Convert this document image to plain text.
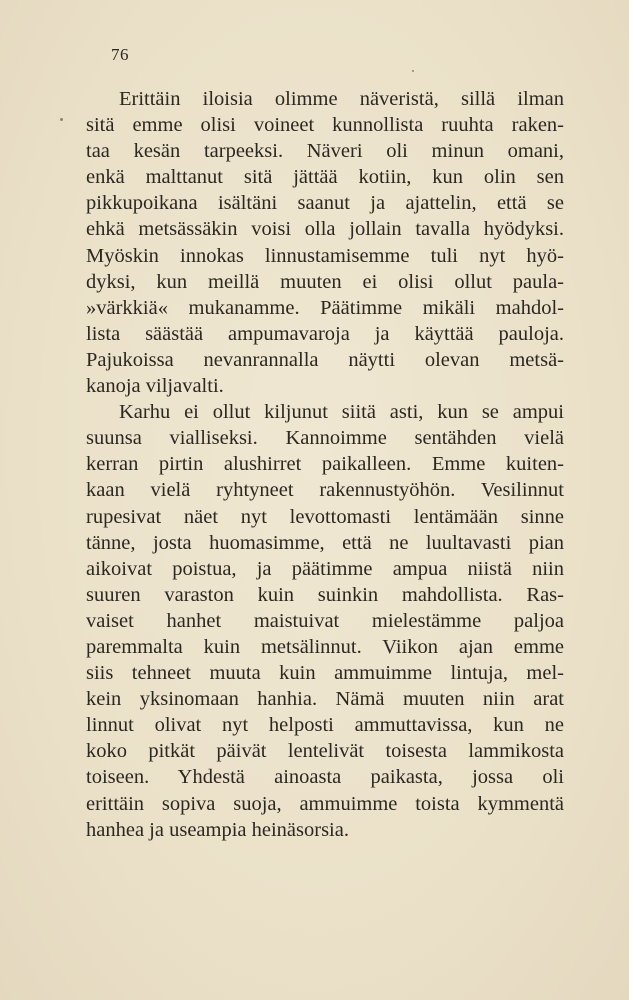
76
Erittäin iloisia olimme näveristä, sillä ilman
sitä emme olisi voineet kunnollista ruuhta raken-
taa kesän tarpeeksi. Näveri oli minun omani,
enkä malttanut sitä jättää kotiin, kun olin sen
pikkupoikana isältäni saanut ja ajattelin, että se
ehkä metsässäkin voisi olla jollain tavalla hyödyksi.
Myöskin innokas linnustamisemme tuli nyt hyö-
dyksi, kun meillä muuten ei olisi ollut paula-
»värkkiä« mukanamme. Päätimme mikäli mahdol-
lista säästää ampumavaroja ja käyttää pauloja.
Pajukoissa nevanrannalla näytti olevan metsä-
kanoja viljavalti.
Karhu ei ollut kiljunut siitä asti, kun se ampui
suunsa vialliseksi. Kannoimme sentähden vielä
kerran pirtin alushirret paikalleen. Emme kuiten-
kaan vielä ryhtyneet rakennustyöhön. Vesilinnut
rupesivat näet nyt levottomasti lentämään sinne
tänne, josta huomasimme, että ne luultavasti pian
aikoivat poistua, ja päätimme ampua niistä niin
suuren varaston kuin suinkin mahdollista. Ras-
vaiset hanhet maistuivat mielestämme paljoa
paremmalta kuin metsälinnut. Viikon ajan emme
siis tehneet muuta kuin ammuimme lintuja, mel-
kein yksinomaan hanhia. Nämä muuten niin arat
linnut olivat nyt helposti ammuttavissa, kun ne
koko pitkät päivät lentelivät toisesta lammikosta
toiseen. Yhdestä ainoasta paikasta, jossa oli
erittäin sopiva suoja, ammuimme toista kymmentä
hanhea ja useampia heinäsorsia.
